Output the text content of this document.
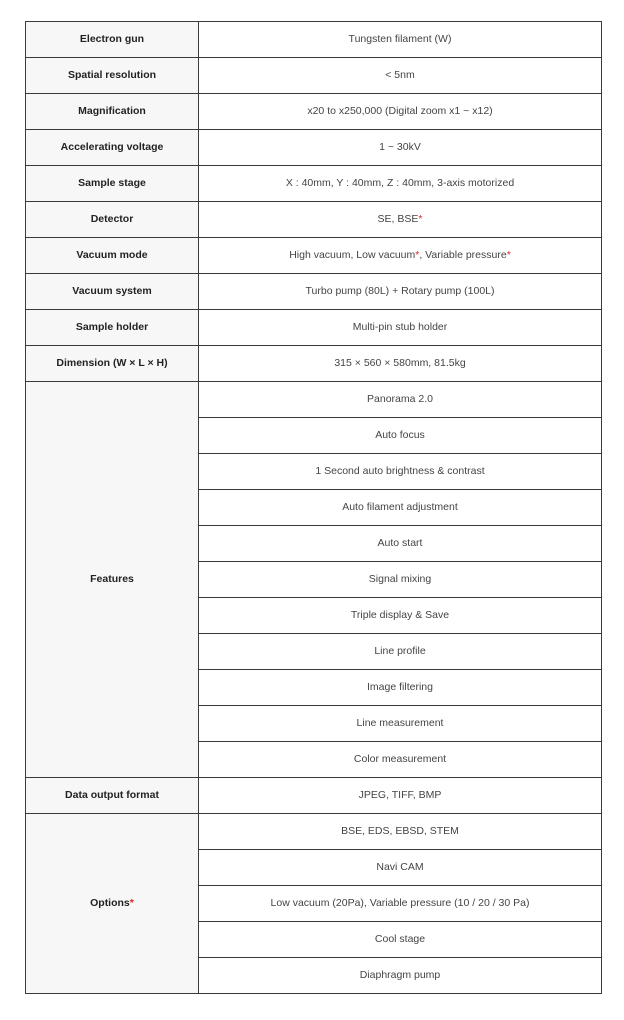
Electron gun	Tungsten filament (W)
Spatial resolution	< 5nm
Magnification	x20 to x250,000 (Digital zoom x1 ~ x12)
Accelerating voltage	1 ~ 30kV
Sample stage	X : 40mm, Y : 40mm, Z : 40mm, 3-axis motorized
Detector	SE, BSE*
Vacuum mode	High vacuum, Low vacuum*, Variable pressure*
Vacuum system	Turbo pump (80L) + Rotary pump (100L)
Sample holder	Multi-pin stub holder
Dimension (W × L × H)	315 × 560 × 580mm, 81.5kg
Features	Panorama 2.0
	Auto focus
	1 Second auto brightness & contrast
	Auto filament adjustment
	Auto start
	Signal mixing
	Triple display & Save
	Line profile
	Image filtering
	Line measurement
	Color measurement
Data output format	JPEG, TIFF, BMP
Options*	BSE, EDS, EBSD, STEM
	Navi CAM
	Low vacuum (20Pa), Variable pressure (10 / 20 / 30 Pa)
	Cool stage
	Diaphragm pump
